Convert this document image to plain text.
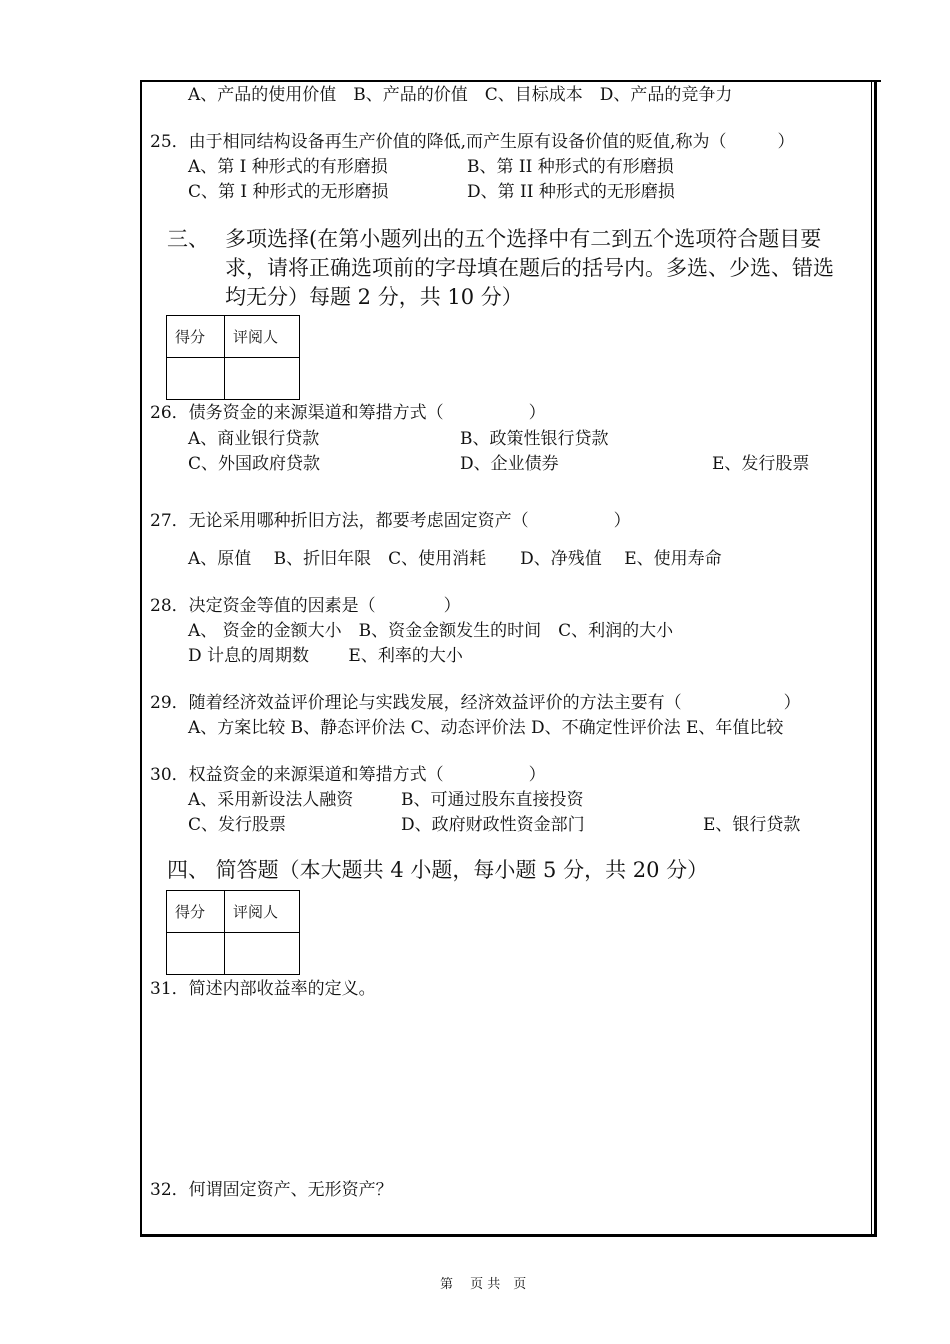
A、产品的使用价值　B、产品的价值　C、目标成本　D、产品的竞争力
25．由于相同结构设备再生产价值的降低,而产生原有设备价值的贬值,称为（　　　）
A、第 I 种形式的有形磨损	B、第 II 种形式的有形磨损
C、第 I 种形式的无形磨损	D、第 II 种形式的无形磨损
三、 多项选择(在第小题列出的五个选择中有二到五个选项符合题目要
求，请将正确选项前的字母填在题后的括号内。多选、少选、错选
均无分）每题 2 分，共 10 分）
得分	评阅人

26．债务资金的来源渠道和筹措方式（　　　　　）
A、商业银行贷款	B、政策性银行贷款
C、外国政府贷款	D、企业债券	E、发行股票
27．无论采用哪种折旧方法，都要考虑固定资产（　　　　　）
A、原值　 B、折旧年限　C、使用消耗　　D、净残值　 E、使用寿命
28．决定资金等值的因素是（　　　　）
A、 资金的金额大小　B、资金金额发生的时间　C、利润的大小
D 计息的周期数　　 E、利率的大小
29．随着经济效益评价理论与实践发展，经济效益评价的方法主要有（　　　　　　）
A、方案比较 B、静态评价法 C、动态评价法 D、不确定性评价法 E、年值比较
30．权益资金的来源渠道和筹措方式（　　　　　）
A、采用新设法人融资	B、可通过股东直接投资
C、发行股票	D、政府财政性资金部门	E、银行贷款
四、 简答题（本大题共 4 小题，每小题 5 分，共 20 分）
得分	评阅人

31．简述内部收益率的定义。
32．何谓固定资产、无形资产？
第　 页 共　页
